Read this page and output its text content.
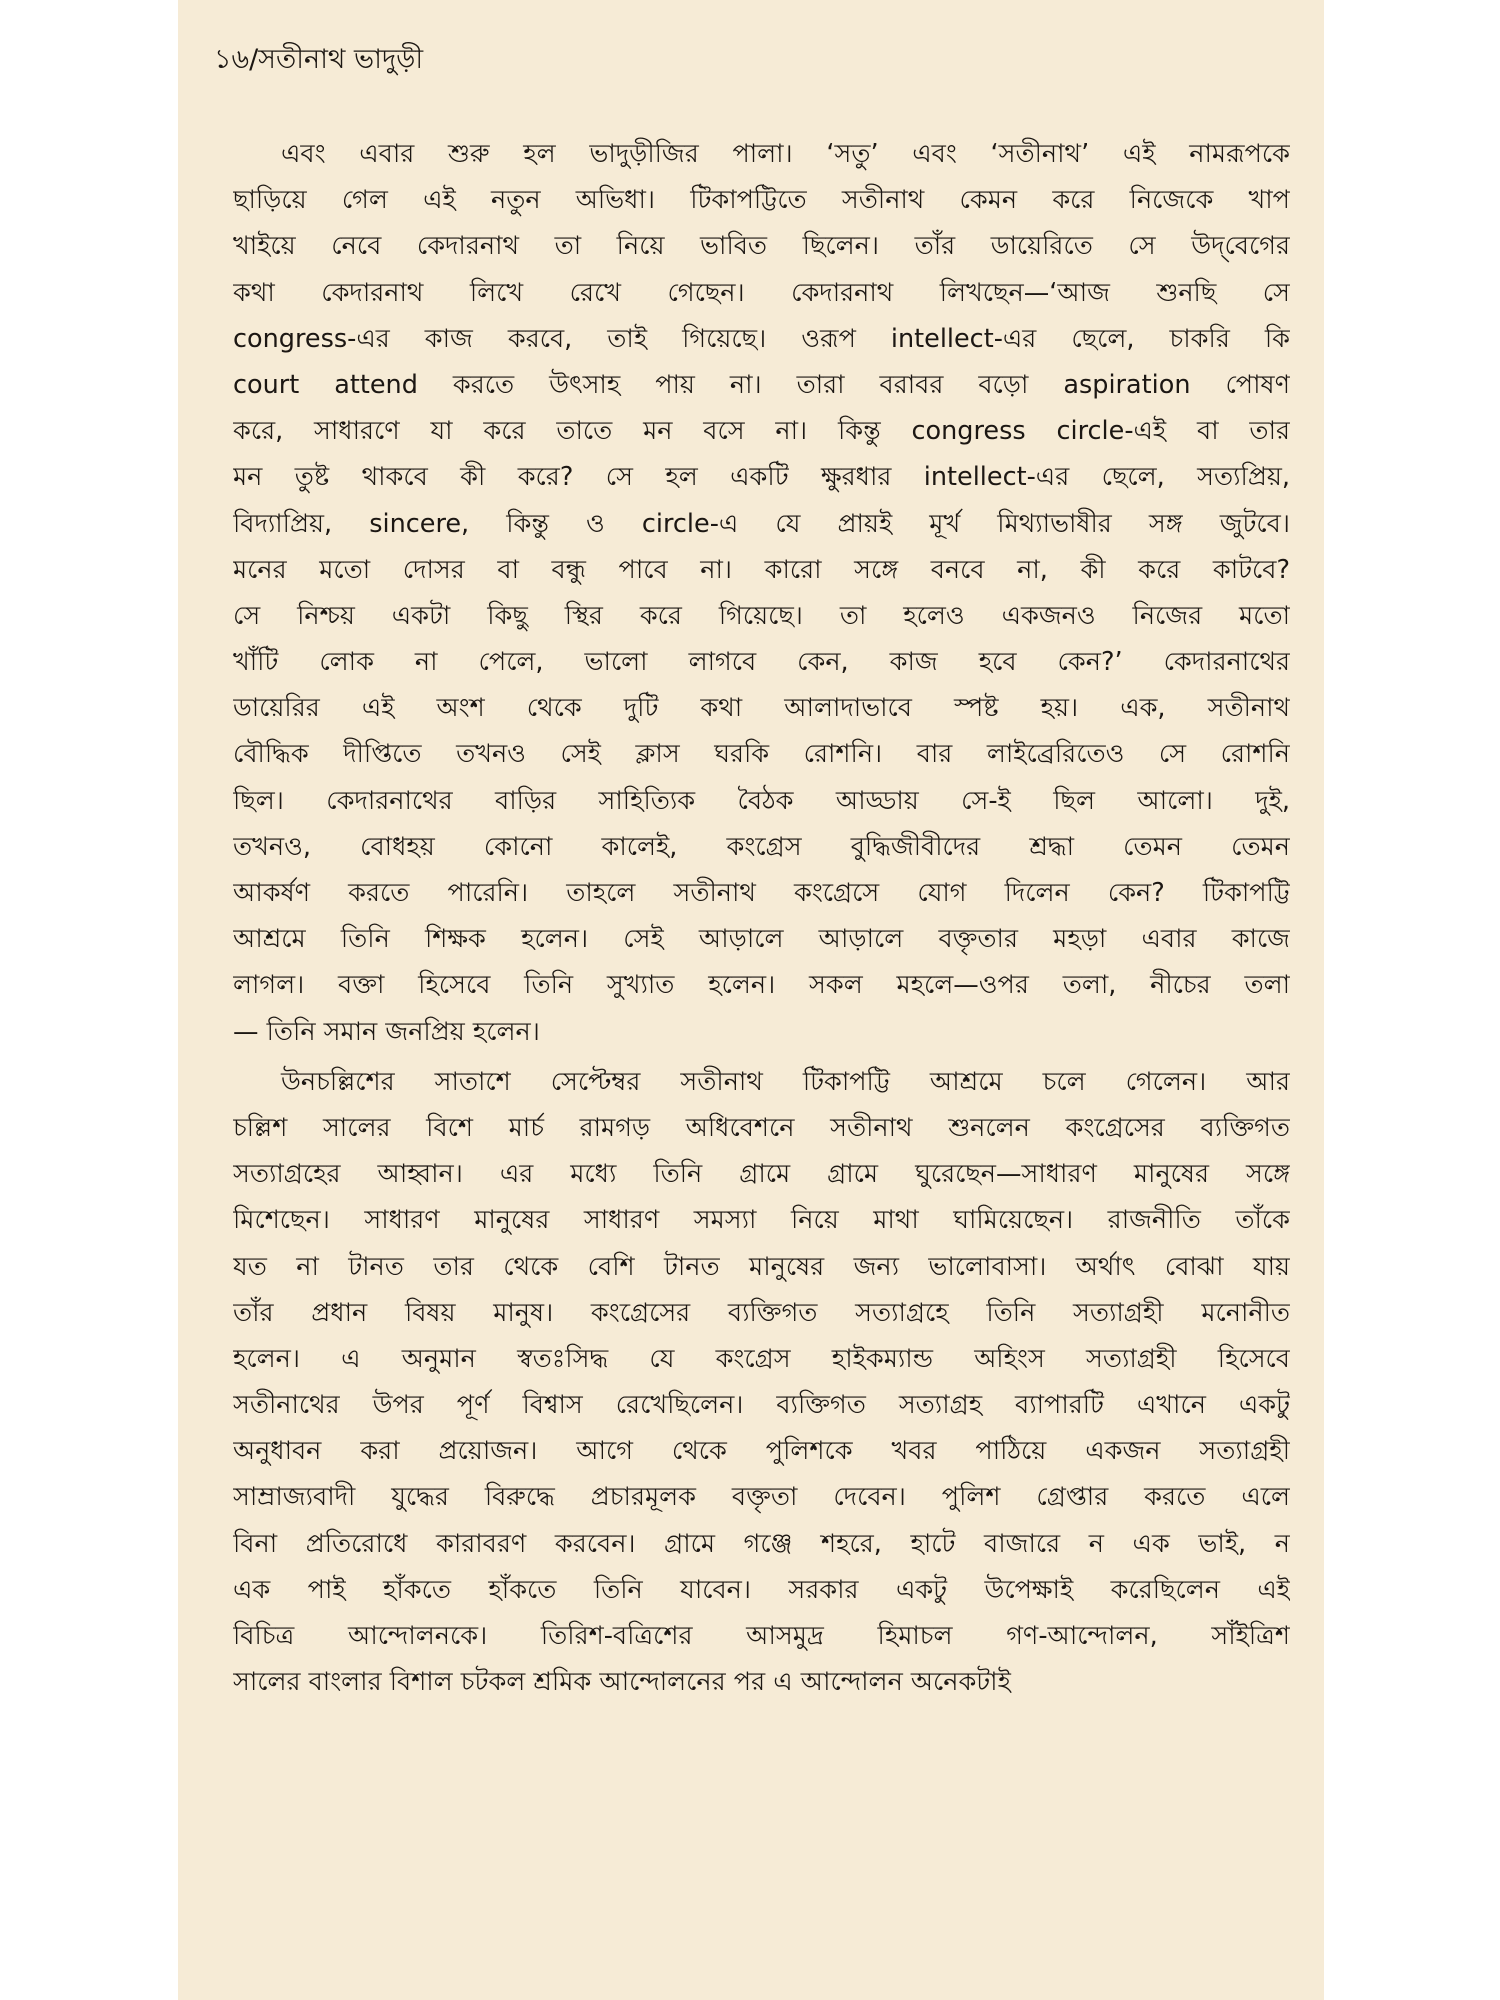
১৬/সতীনাথ ভাদুড়ী
এবং এবার শুরু হল ভাদুড়ীজির পালা। ‘সতু’ এবং ‘সতীনাথ’ এই নামরূপকে
ছাড়িয়ে গেল এই নতুন অভিধা। টিকাপট্টিতে সতীনাথ কেমন করে নিজেকে খাপ
খাইয়ে নেবে কেদারনাথ তা নিয়ে ভাবিত ছিলেন। তাঁর ডায়েরিতে সে উদ্‌বেগের
কথা কেদারনাথ লিখে রেখে গেছেন। কেদারনাথ লিখছেন—‘আজ শুনছি সে
congress-এর কাজ করবে, তাই গিয়েছে। ওরূপ intellect-এর ছেলে, চাকরি কি
court attend করতে উৎসাহ পায় না। তারা বরাবর বড়ো aspiration পোষণ
করে, সাধারণে যা করে তাতে মন বসে না। কিন্তু congress circle-এই বা তার
মন তুষ্ট থাকবে কী করে? সে হল একটি ক্ষুরধার intellect-এর ছেলে, সত্যপ্রিয়,
বিদ্যাপ্রিয়, sincere, কিন্তু ও circle-এ যে প্রায়ই মূর্খ মিথ্যাভাষীর সঙ্গ জুটবে।
মনের মতো দোসর বা বন্ধু পাবে না। কারো সঙ্গে বনবে না, কী করে কাটবে?
সে নিশ্চয় একটা কিছু স্থির করে গিয়েছে। তা হলেও একজনও নিজের মতো
খাঁটি লোক না পেলে, ভালো লাগবে কেন, কাজ হবে কেন?’ কেদারনাথের
ডায়েরির এই অংশ থেকে দুটি কথা আলাদাভাবে স্পষ্ট হয়। এক, সতীনাথ
বৌদ্ধিক দীপ্তিতে তখনও সেই ক্লাস ঘরকি রোশনি। বার লাইব্রেরিতেও সে রোশনি
ছিল। কেদারনাথের বাড়ির সাহিত্যিক বৈঠক আড্ডায় সে-ই ছিল আলো। দুই,
তখনও, বোধহয় কোনো কালেই, কংগ্রেস বুদ্ধিজীবীদের শ্রদ্ধা তেমন তেমন
আকর্ষণ করতে পারেনি। তাহলে সতীনাথ কংগ্রেসে যোগ দিলেন কেন? টিকাপট্টি
আশ্রমে তিনি শিক্ষক হলেন। সেই আড়ালে আড়ালে বক্তৃতার মহড়া এবার কাজে
লাগল। বক্তা হিসেবে তিনি সুখ্যাত হলেন। সকল মহলে—ওপর তলা, নীচের তলা
— তিনি সমান জনপ্রিয় হলেন।
উনচল্লিশের সাতাশে সেপ্টেম্বর সতীনাথ টিকাপট্টি আশ্রমে চলে গেলেন। আর
চল্লিশ সালের বিশে মার্চ রামগড় অধিবেশনে সতীনাথ শুনলেন কংগ্রেসের ব্যক্তিগত
সত্যাগ্রহের আহ্বান। এর মধ্যে তিনি গ্রামে গ্রামে ঘুরেছেন—সাধারণ মানুষের সঙ্গে
মিশেছেন। সাধারণ মানুষের সাধারণ সমস্যা নিয়ে মাথা ঘামিয়েছেন। রাজনীতি তাঁকে
যত না টানত তার থেকে বেশি টানত মানুষের জন্য ভালোবাসা। অর্থাৎ বোঝা যায়
তাঁর প্রধান বিষয় মানুষ। কংগ্রেসের ব্যক্তিগত সত্যাগ্রহে তিনি সত্যাগ্রহী মনোনীত
হলেন। এ অনুমান স্বতঃসিদ্ধ যে কংগ্রেস হাইকম্যান্ড অহিংস সত্যাগ্রহী হিসেবে
সতীনাথের উপর পূর্ণ বিশ্বাস রেখেছিলেন। ব্যক্তিগত সত্যাগ্রহ ব্যাপারটি এখানে একটু
অনুধাবন করা প্রয়োজন। আগে থেকে পুলিশকে খবর পাঠিয়ে একজন সত্যাগ্রহী
সাম্রাজ্যবাদী যুদ্ধের বিরুদ্ধে প্রচারমূলক বক্তৃতা দেবেন। পুলিশ গ্রেপ্তার করতে এলে
বিনা প্রতিরোধে কারাবরণ করবেন। গ্রামে গঞ্জে শহরে, হাটে বাজারে ন এক ভাই, ন
এক পাই হাঁকতে হাঁকতে তিনি যাবেন। সরকার একটু উপেক্ষাই করেছিলেন এই
বিচিত্র আন্দোলনকে। তিরিশ-বত্রিশের আসমুদ্র হিমাচল গণ-আন্দোলন, সাঁইত্রিশ
সালের বাংলার বিশাল চটকল শ্রমিক আন্দোলনের পর এ আন্দোলন অনেকটাই
